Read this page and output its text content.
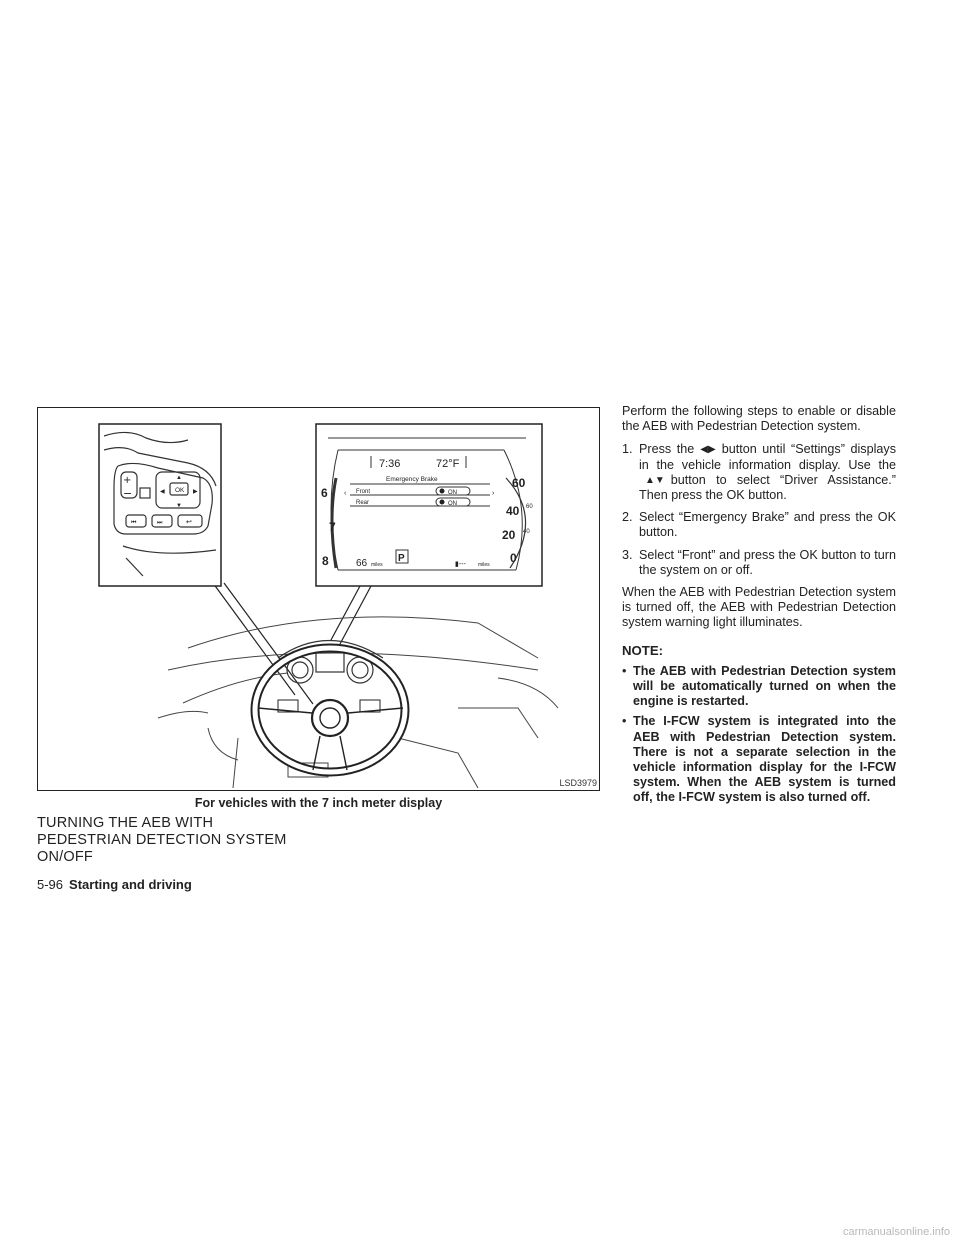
+
−	OK
▲
▼
◀	▶
⏮	⏭	↩
7:36	72°F
Emergency Brake
‹	›
Front
Rear
ON
ON
6
7
8
60
40
20
0
60
40
66 miles
P
▮--- miles
LSD3979
For vehicles with the 7 inch meter display
TURNING THE AEB WITH
PEDESTRIAN DETECTION SYSTEM
ON/OFF
5-96 Starting and driving

Perform the following steps to enable or disable the AEB with Pedestrian Detection system.

1. Press the ◀▶ button until “Settings” displays in the vehicle information display. Use the▲▼ button to select “Driver Assistance.” Then press the OK button.
2. Select “Emergency Brake” and press the OK button.
3. Select “Front” and press the OK button to turn the system on or off.

When the AEB with Pedestrian Detection system is turned off, the AEB with Pedestrian Detection system warning light illuminates.

NOTE:
• The AEB with Pedestrian Detection system will be automatically turned on when the engine is restarted.
• The I-FCW system is integrated into the AEB with Pedestrian Detection system. There is not a separate selection in the vehicle information display for the I-FCW system. When the AEB system is turned off, the I-FCW system is also turned off.
carmanualsonline.info
